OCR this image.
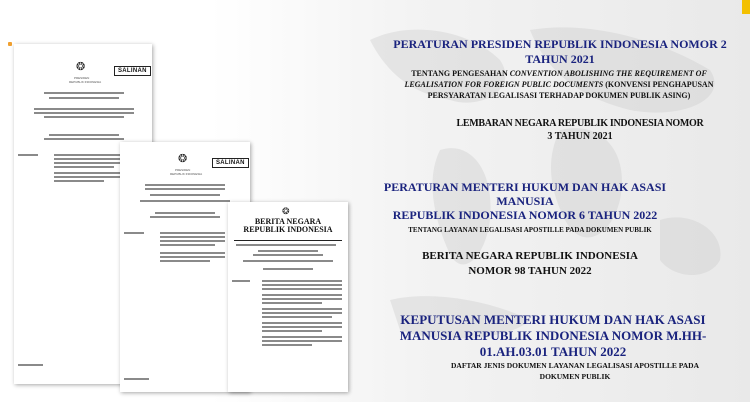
❂	SALINAN
PRESIDEN
REPUBLIK INDONESIA
❂	SALINAN
PRESIDEN
REPUBLIK INDONESIA
❂
BERITA NEGARA
REPUBLIK INDONESIA

PERATURAN PRESIDEN REPUBLIK INDONESIA NOMOR 2

TAHUN 2021

TENTANG PENGESAHAN CONVENTION ABOLISHING THE REQUIREMENT OF LEGALISATION FOR FOREIGN PUBLIC DOCUMENTS (KONVENSI PENGHAPUSAN PERSYARATAN LEGALISASI TERHADAP DOKUMEN PUBLIK ASING)

LEMBARAN NEGARA REPUBLIK INDONESIA NOMOR

3 TAHUN 2021

PERATURAN MENTERI HUKUM DAN HAK ASASI

MANUSIA

REPUBLIK INDONESIA NOMOR 6 TAHUN 2022

TENTANG LAYANAN LEGALISASI APOSTILLE PADA DOKUMEN PUBLIK

BERITA NEGARA REPUBLIK INDONESIA

NOMOR 98 TAHUN 2022

KEPUTUSAN MENTERI HUKUM DAN HAK ASASI

MANUSIA REPUBLIK INDONESIA NOMOR M.HH-

01.AH.03.01 TAHUN 2022

DAFTAR JENIS DOKUMEN LAYANAN LEGALISASI APOSTILLE PADA

DOKUMEN PUBLIK
